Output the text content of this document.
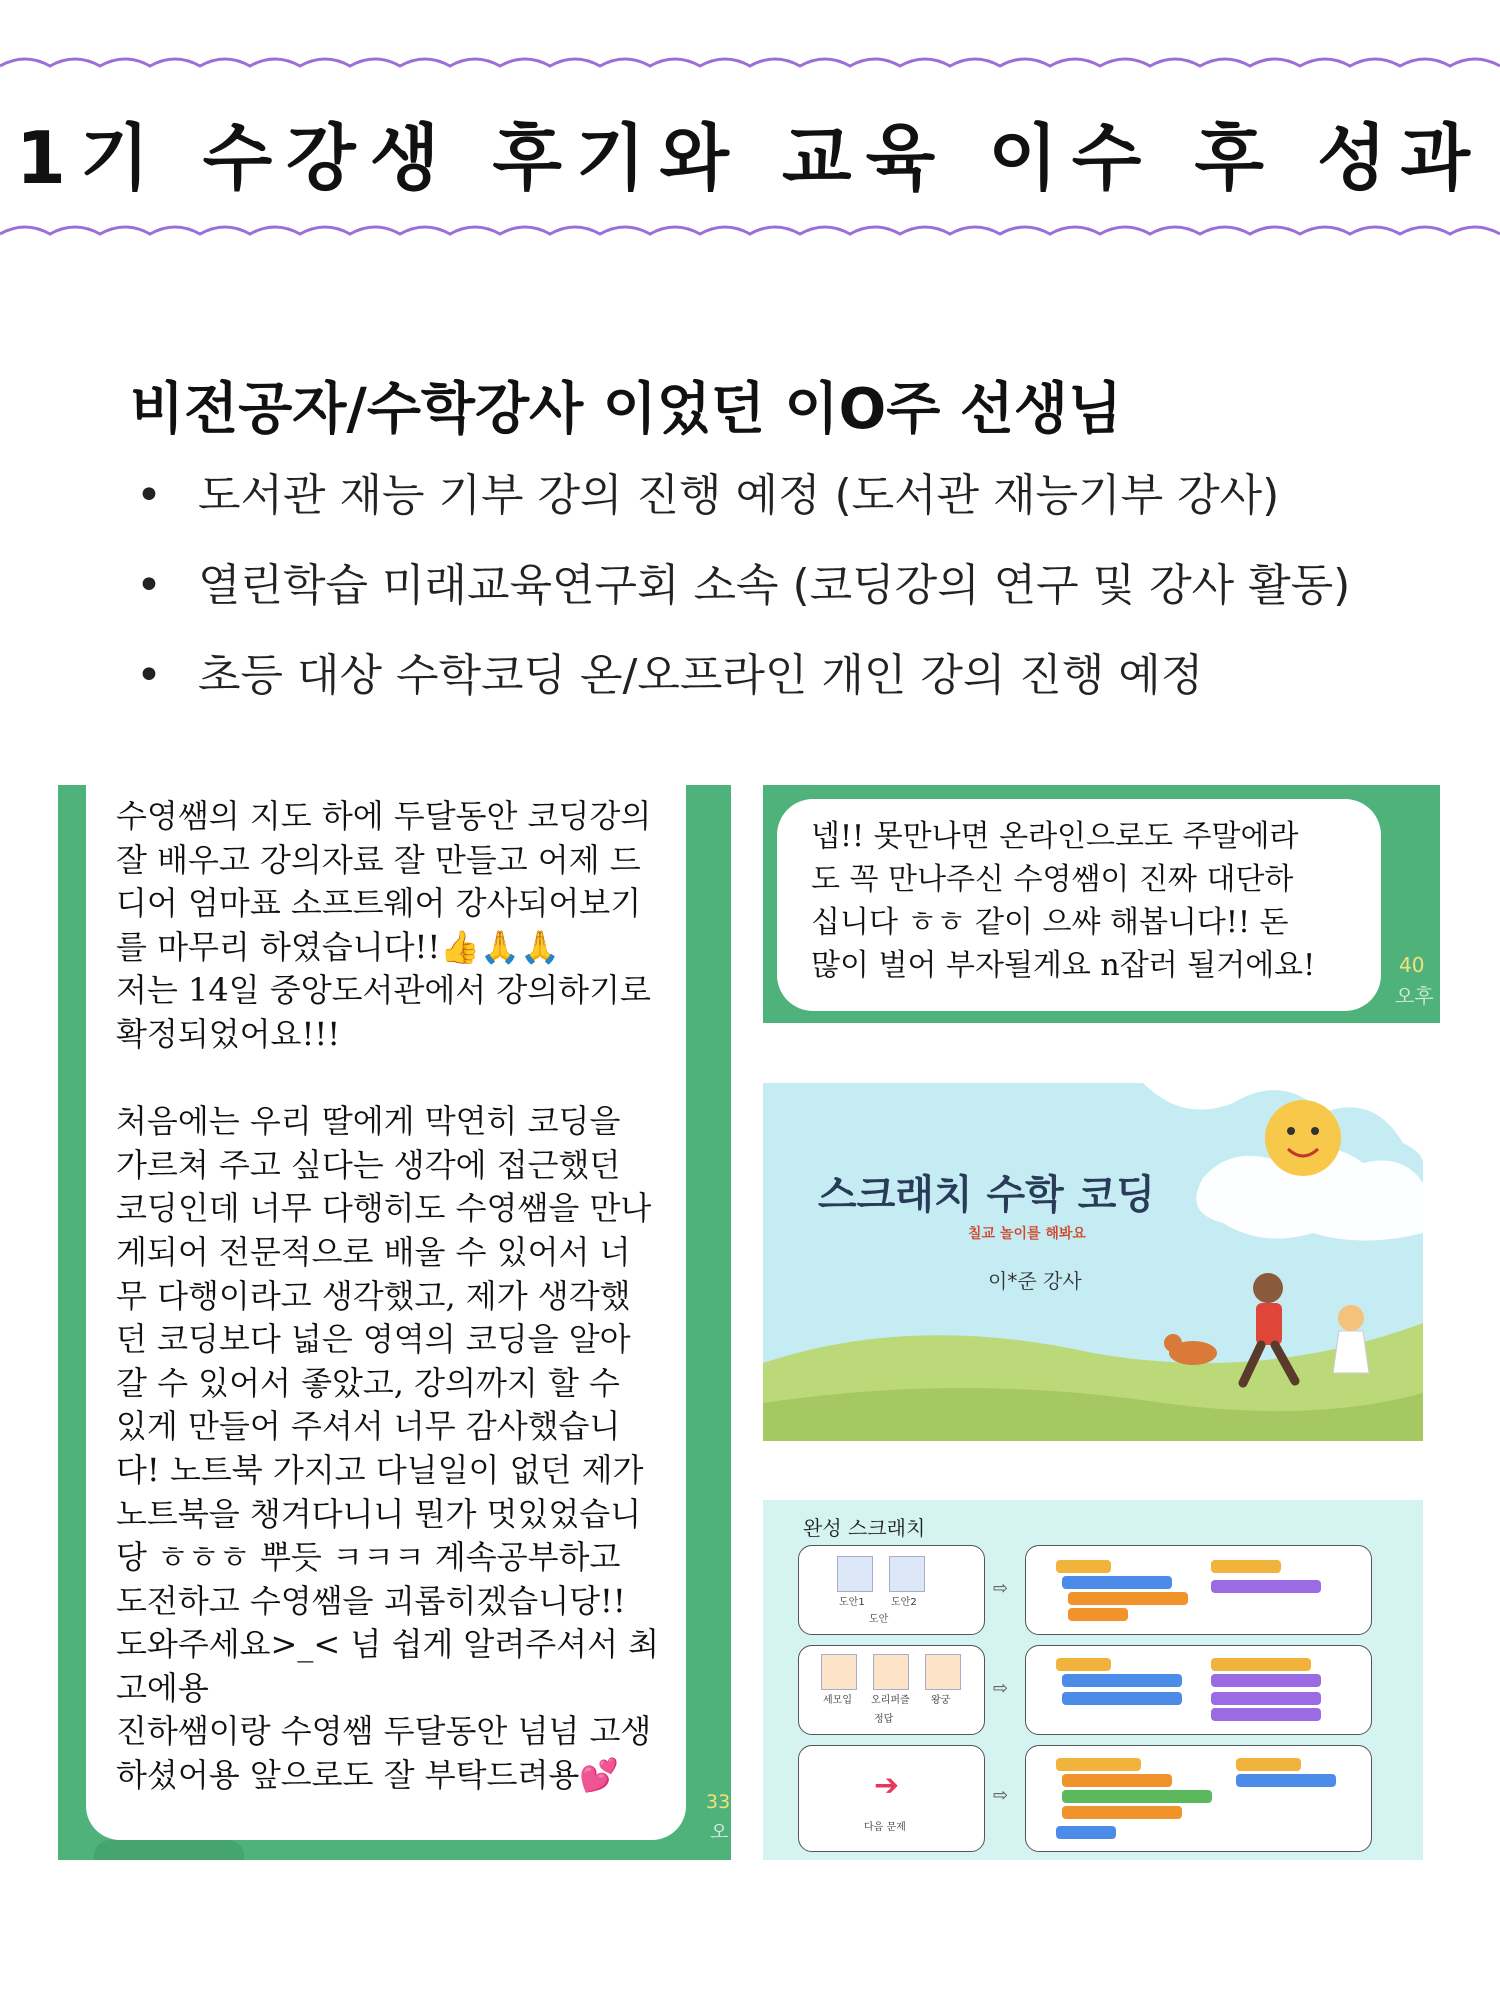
1기 수강생 후기와 교육 이수 후 성과
비전공자/수학강사 이었던 이O주 선생님
• 도서관 재능 기부 강의 진행 예정 (도서관 재능기부 강사)
• 열린학습 미래교육연구회 소속 (코딩강의 연구 및 강사 활동)
• 초등 대상 수학코딩 온/오프라인 개인 강의 진행 예정
수영쌤의 지도 하에 두달동안 코딩강의
잘 배우고 강의자료 잘 만들고 어제 드
디어 엄마표 소프트웨어 강사되어보기
를 마무리 하였습니다!!👍🙏🙏
저는 14일 중앙도서관에서 강의하기로
확정되었어요!!!

처음에는 우리 딸에게 막연히 코딩을
가르쳐 주고 싶다는 생각에 접근했던
코딩인데 너무 다행히도 수영쌤을 만나
게되어 전문적으로 배울 수 있어서 너
무 다행이라고 생각했고, 제가 생각했
던 코딩보다 넓은 영역의 코딩을 알아
갈 수 있어서 좋았고, 강의까지 할 수
있게 만들어 주셔서 너무 감사했습니
다! 노트북 가지고 다닐일이 없던 제가
노트북을 챙겨다니니 뭔가 멋있었습니
당 ㅎㅎㅎ 뿌듯 ㅋㅋㅋ 계속공부하고
도전하고 수영쌤을 괴롭히겠습니당!!
도와주세요>_< 넘 쉽게 알려주셔서 최
고에용
진하쌤이랑 수영쌤 두달동안 넘넘 고생
하셨어용 앞으로도 잘 부탁드려용💕
33
오
넵!! 못만나면 온라인으로도 주말에라
도 꼭 만나주신 수영쌤이 진짜 대단하
십니다 ㅎㅎ 같이 으쌰 해봅니다!! 돈
많이 벌어 부자될게요 n잡러 될거에요!	40
오후
스크래치 수학 코딩
칠교 놀이를 해봐요
이*준 강사
완성 스크래치
도안1	도안2
도안
⇨
세모입 오리퍼즐 왕궁
정답
⇨
➔
다음 문제
⇨
